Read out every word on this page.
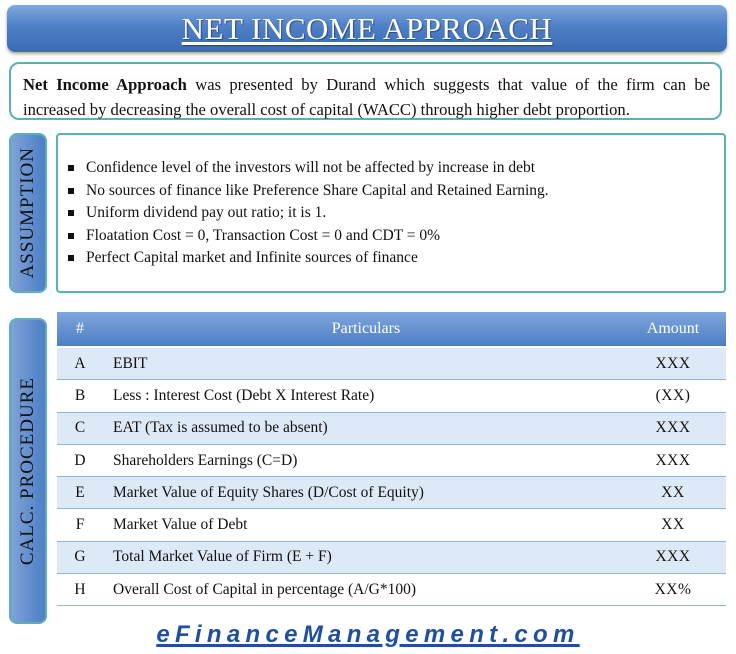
NET INCOME APPROACH
Net Income Approach was presented by Durand which suggests that value of the firm can be increased by decreasing the overall cost of capital (WACC) through higher debt proportion.
ASSUMPTION	Confidence level of the investors will not be affected by increase in debt
No sources of finance like Preference Share Capital and Retained Earning.
Uniform dividend pay out ratio; it is 1.
Floatation Cost = 0, Transaction Cost = 0 and CDT = 0%
Perfect Capital market and Infinite sources of finance
CALC. PROCEDURE
#	Particulars	Amount
A	EBIT	XXX
B	Less : Interest Cost (Debt X Interest Rate)	(XX)
C	EAT (Tax is assumed to be absent)	XXX
D	Shareholders Earnings (C=D)	XXX
E	Market Value of Equity Shares (D/Cost of Equity)	XX
F	Market Value of Debt	XX
G	Total Market Value of Firm (E + F)	XXX
H	Overall Cost of Capital in percentage (A/G*100)	XX%
eFinanceManagement.com
